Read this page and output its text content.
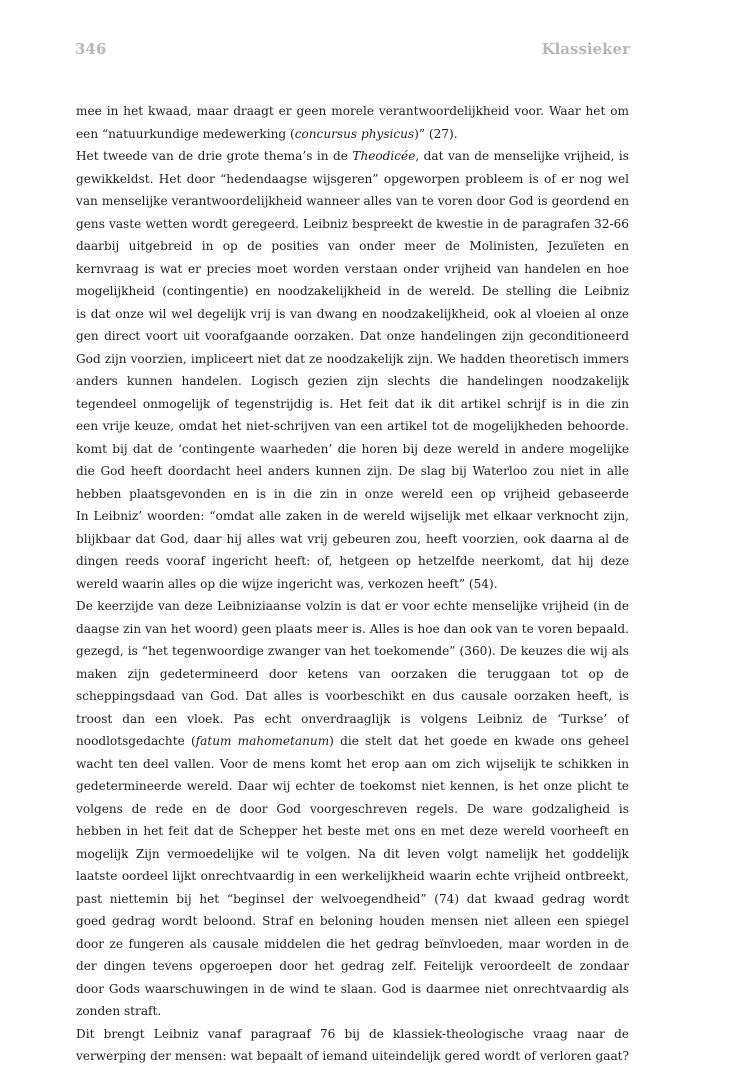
346	Klassieker
mee in het kwaad, maar draagt er geen morele verantwoordelijkheid voor. Waar het om
een “natuurkundige medewerking (concursus physicus)” (27).
Het tweede van de drie grote thema’s in de Theodicée, dat van de menselijke vrijheid, is
gewikkeldst. Het door “hedendaagse wijsgeren” opgeworpen probleem is of er nog wel
van menselijke verantwoordelijkheid wanneer alles van te voren door God is geordend en
gens vaste wetten wordt geregeerd. Leibniz bespreekt de kwestie in de paragrafen 32-66
daarbij uitgebreid in op de posities van onder meer de Molinisten, Jezuïeten en
kernvraag is wat er precies moet worden verstaan onder vrijheid van handelen en hoe
mogelijkheid (contingentie) en noodzakelijkheid in de wereld. De stelling die Leibniz
is dat onze wil wel degelijk vrij is van dwang en noodzakelijkheid, ook al vloeien al onze
gen direct voort uit voorafgaande oorzaken. Dat onze handelingen zijn geconditioneerd
God zijn voorzien, impliceert niet dat ze noodzakelijk zijn. We hadden theoretisch immers
anders kunnen handelen. Logisch gezien zijn slechts die handelingen noodzakelijk
tegendeel onmogelijk of tegenstrijdig is. Het feit dat ik dit artikel schrijf is in die zin
een vrije keuze, omdat het niet-schrijven van een artikel tot de mogelijkheden behoorde.
komt bij dat de ‘contingente waarheden’ die horen bij deze wereld in andere mogelijke
die God heeft doordacht heel anders kunnen zijn. De slag bij Waterloo zou niet in alle
hebben plaatsgevonden en is in die zin in onze wereld een op vrijheid gebaseerde
In Leibniz’ woorden: “omdat alle zaken in de wereld wijselijk met elkaar verknocht zijn,
blijkbaar dat God, daar hij alles wat vrij gebeuren zou, heeft voorzien, ook daarna al de
dingen reeds vooraf ingericht heeft: of, hetgeen op hetzelfde neerkomt, dat hij deze
wereld waarin alles op die wijze ingericht was, verkozen heeft” (54).
De keerzijde van deze Leibniziaanse volzin is dat er voor echte menselijke vrijheid (in de
daagse zin van het woord) geen plaats meer is. Alles is hoe dan ook van te voren bepaald.
gezegd, is “het tegenwoordige zwanger van het toekomende” (360). De keuzes die wij als
maken zijn gedetermineerd door ketens van oorzaken die teruggaan tot op de
scheppingsdaad van God. Dat alles is voorbeschikt en dus causale oorzaken heeft, is
troost dan een vloek. Pas echt onverdraaglijk is volgens Leibniz de ‘Turkse’ of
noodlotsgedachte (fatum mahometanum) die stelt dat het goede en kwade ons geheel
wacht ten deel vallen. Voor de mens komt het erop aan om zich wijselijk te schikken in
gedetermineerde wereld. Daar wij echter de toekomst niet kennen, is het onze plicht te
volgens de rede en de door God voorgeschreven regels. De ware godzaligheid is
hebben in het feit dat de Schepper het beste met ons en met deze wereld voorheeft en
mogelijk Zijn vermoedelijke wil te volgen. Na dit leven volgt namelijk het goddelijk
laatste oordeel lijkt onrechtvaardig in een werkelijkheid waarin echte vrijheid ontbreekt,
past niettemin bij het “beginsel der welvoegendheid” (74) dat kwaad gedrag wordt
goed gedrag wordt beloond. Straf en beloning houden mensen niet alleen een spiegel
door ze fungeren als causale middelen die het gedrag beïnvloeden, maar worden in de
der dingen tevens opgeroepen door het gedrag zelf. Feitelijk veroordeelt de zondaar
door Gods waarschuwingen in de wind te slaan. God is daarmee niet onrechtvaardig als
zonden straft.
Dit brengt Leibniz vanaf paragraaf 76 bij de klassiek-theologische vraag naar de
verwerping der mensen: wat bepaalt of iemand uiteindelijk gered wordt of verloren gaat?
